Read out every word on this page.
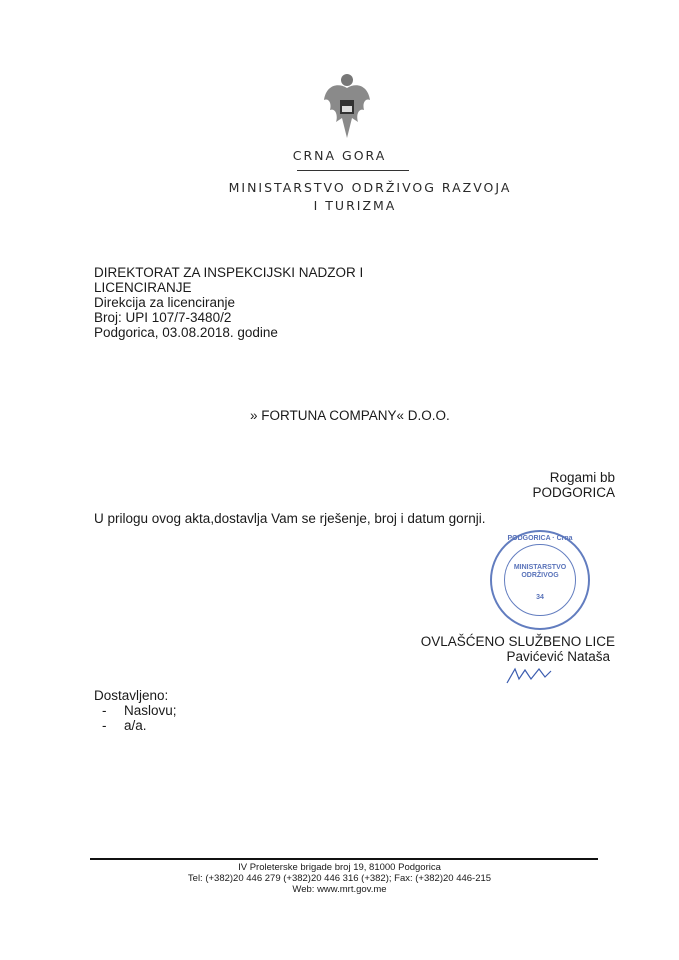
CRNA GORA
MINISTARSTVO ODRŽIVOG RAZVOJA
I TURIZMA
DIREKTORAT ZA INSPEKCIJSKI NADZOR I
LICENCIRANJE
Direkcija za licenciranje
Broj: UPI 107/7-3480/2
Podgorica, 03.08.2018. godine
» FORTUNA COMPANY« D.O.O.
Rogami bb
PODGORICA
U prilogu ovog akta,dostavlja Vam se rješenje, broj i datum gornji.
PODGORICA · Crna
MINISTARSTVO ODRŽIVOG
34
OVLAŠĆENO SLUŽBENO LICE
Pavićević Nataša
Dostavljeno:
- Naslovu;
- a/a.
IV Proleterske brigade broj 19, 81000 Podgorica
Tel: (+382)20 446 279 (+382)20 446 316 (+382); Fax: (+382)20 446-215
Web: www.mrt.gov.me
